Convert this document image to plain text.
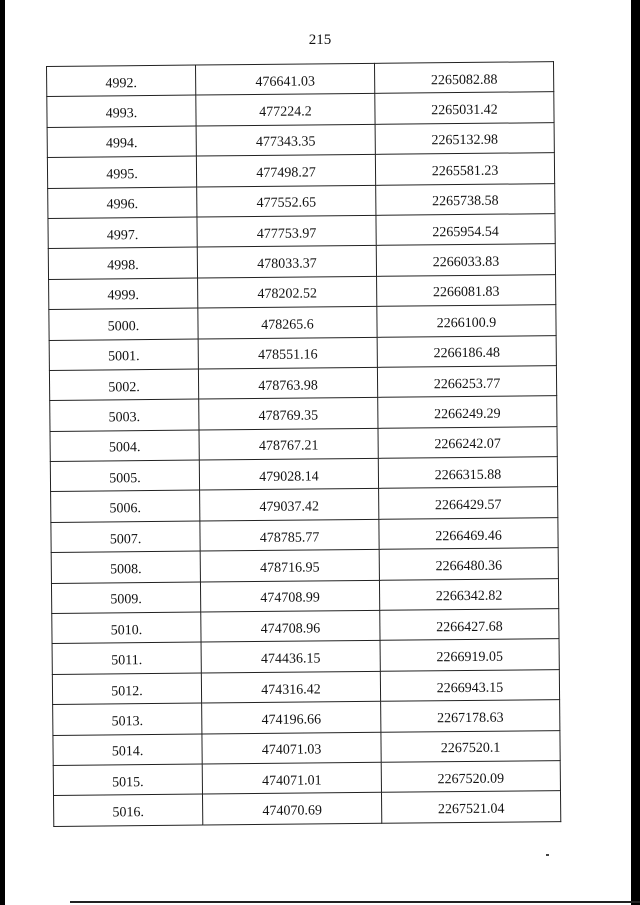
215
4992.	476641.03	2265082.88
4993.	477224.2	2265031.42
4994.	477343.35	2265132.98
4995.	477498.27	2265581.23
4996.	477552.65	2265738.58
4997.	477753.97	2265954.54
4998.	478033.37	2266033.83
4999.	478202.52	2266081.83
5000.	478265.6	2266100.9
5001.	478551.16	2266186.48
5002.	478763.98	2266253.77
5003.	478769.35	2266249.29
5004.	478767.21	2266242.07
5005.	479028.14	2266315.88
5006.	479037.42	2266429.57
5007.	478785.77	2266469.46
5008.	478716.95	2266480.36
5009.	474708.99	2266342.82
5010.	474708.96	2266427.68
5011.	474436.15	2266919.05
5012.	474316.42	2266943.15
5013.	474196.66	2267178.63
5014.	474071.03	2267520.1
5015.	474071.01	2267520.09
5016.	474070.69	2267521.04
